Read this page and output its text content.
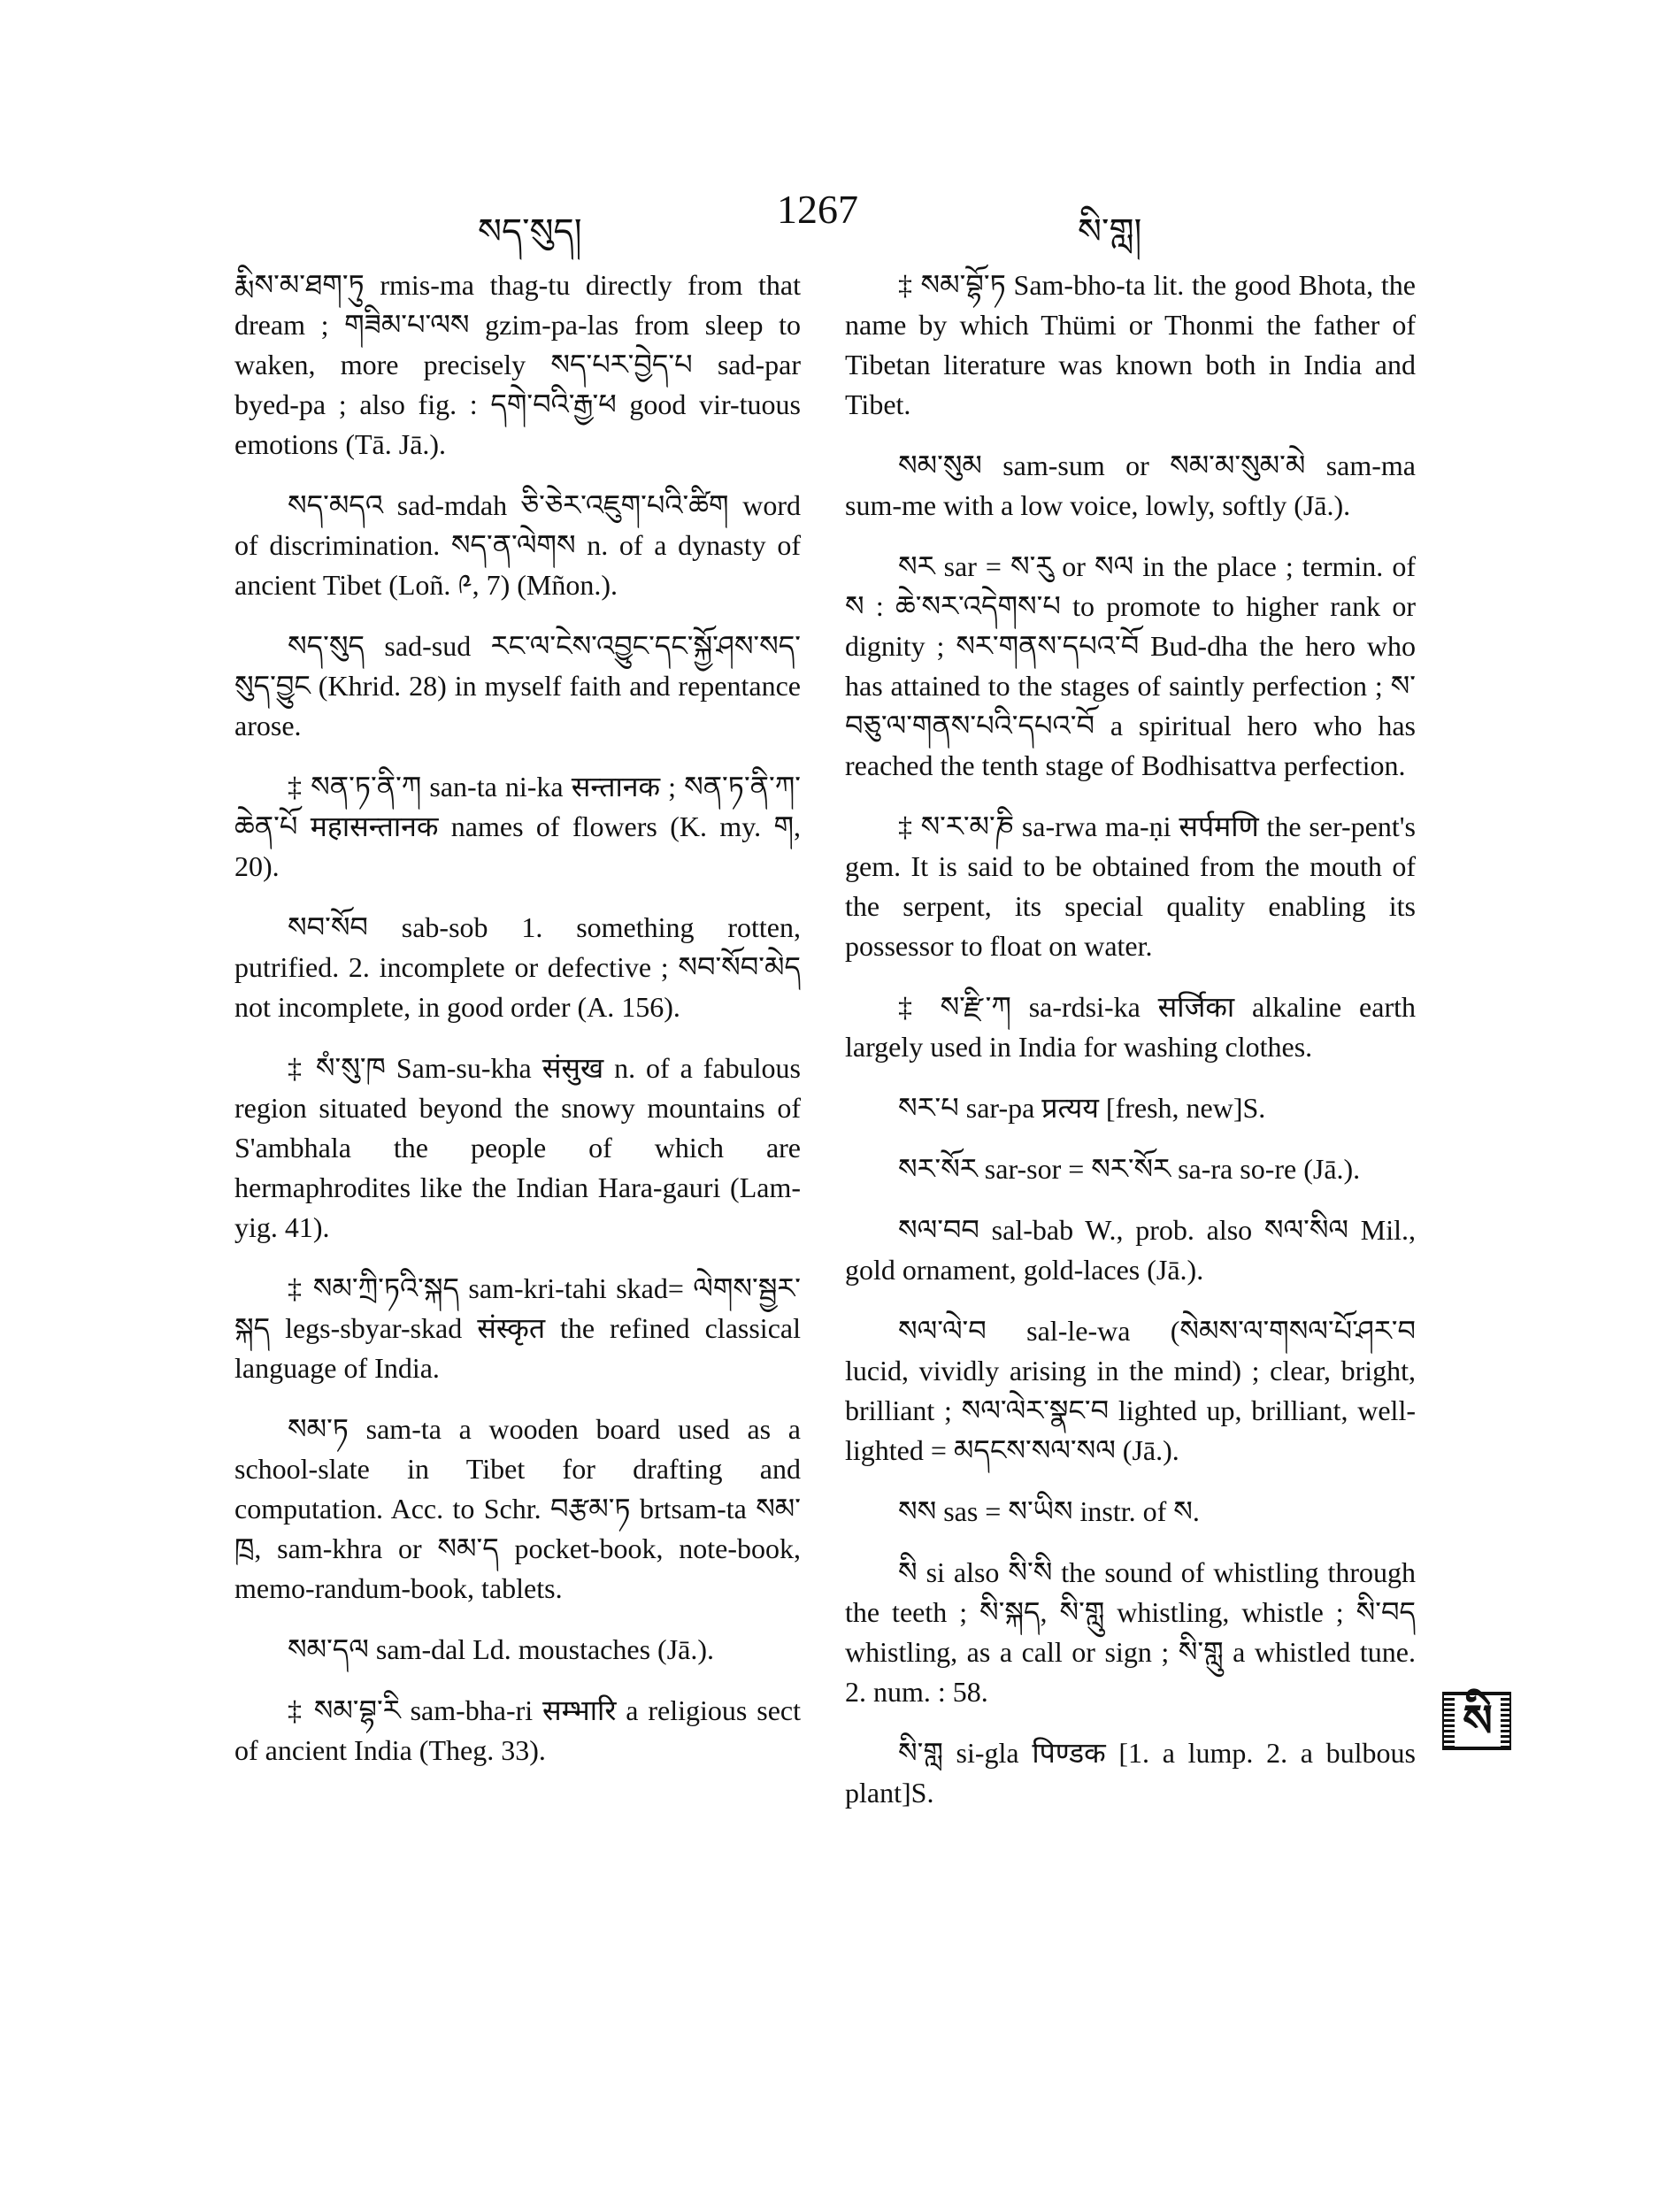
སད་སུད།	1267	སི་གླ།

རྨིས་མ་ཐག་ཏུ rmis-ma thag-tu directly from that dream ; གཟིམ་པ་ལས gzim-pa-las from sleep to waken, more precisely སད་པར་བྱེད་པ sad-par byed-pa ; also fig. : དགེ་བའི་རྒྱ་ཕ good vir-tuous emotions (Tā. Jā.).

སད་མདའ sad-mdah ཅི་ཅེར་འཇུག་པའི་ཚིག word of discrimination. སད་ན་ལེགས n. of a dynasty of ancient Tibet (Loñ. ༩, 7) (Mñon.).

སད་སུད sad-sud རང་ལ་ངེས་འབྱུང་དང་སྐྱོ་ཤས་སད་སུད་བྱུང (Khrid. 28) in myself faith and repentance arose.

‡ སན་ཏ་ནི་ཀ san-ta ni-ka सन्तानक ; སན་ཏ་ནི་ཀ་ཆེན་པོ महासन्तानक names of flowers (K. my. ག, 20).

སབ་སོབ sab-sob 1. something rotten, putrified. 2. incomplete or defective ; སབ་སོབ་མེད not incomplete, in good order (A. 156).

‡ སཾ་སུ་ཁ Sam-su-kha संसुख n. of a fabulous region situated beyond the snowy mountains of S'ambhala the people of which are hermaphrodites like the Indian Hara-gauri (Lam-yig. 41).

‡ སམ་ཀྲི་ཏའི་སྐད sam-kri-tahi skad= ལེགས་སྦྱར་སྐད legs-sbyar-skad संस्कृत the refined classical language of India.

སམ་ཏ sam-ta a wooden board used as a school-slate in Tibet for drafting and computation. Acc. to Schr. བརྩམ་ཏ brtsam-ta སམ་ཁྲ, sam-khra or སམ་ད pocket-book, note-book, memo-randum-book, tablets.

སམ་དལ sam-dal Ld. moustaches (Jā.).

‡ སམ་བྷ་རི sam-bha-ri सम्भारि a religious sect of ancient India (Theg. 33).

‡ སམ་བྷོ་ཏ Sam-bho-ta lit. the good Bhota, the name by which Thümi or Thonmi the father of Tibetan literature was known both in India and Tibet.

སམ་སུམ sam-sum or སམ་མ་སུམ་མེ sam-ma sum-me with a low voice, lowly, softly (Jā.).

སར sar = ས་རུ or སལ in the place ; termin. of ས : ཆེ་སར་འདེགས་པ to promote to higher rank or dignity ; སར་གནས་དཔའ་བོ Bud-dha the hero who has attained to the stages of saintly perfection ; ས་བཅུ་ལ་གནས་པའི་དཔའ་བོ a spiritual hero who has reached the tenth stage of Bodhisattva perfection.

‡ ས་ར་མ་ཎི sa-rwa ma-ṇi सर्पमणि the ser-pent's gem. It is said to be obtained from the mouth of the serpent, its special quality enabling its possessor to float on water.

‡ ས་རྫི་ཀ sa-rdsi-ka सर्जिका alkaline earth largely used in India for washing clothes.

སར་པ sar-pa प्रत्यय [fresh, new]S.

སར་སོར sar-sor = སར་སོར sa-ra so-re (Jā.).

སལ་བབ sal-bab W., prob. also སལ་སིལ Mil., gold ornament, gold-laces (Jā.).

སལ་ལེ་བ sal-le-wa (སེམས་ལ་གསལ་པོ་ཤར་བ lucid, vividly arising in the mind) ; clear, bright, brilliant ; སལ་ལེར་སྣང་བ lighted up, brilliant, well-lighted = མདངས་སལ་སལ (Jā.).

སས sas = ས་ཡིས instr. of ས.

སི si also སི་སི the sound of whistling through the teeth ; སི་སྐད, སི་གླུ whistling, whistle ; སི་བད whistling, as a call or sign ; སི་གླུ a whistled tune. 2. num. : 58.

སི་གླ si-gla पिण्डक [1. a lump. 2. a bulbous plant]S.

སི
